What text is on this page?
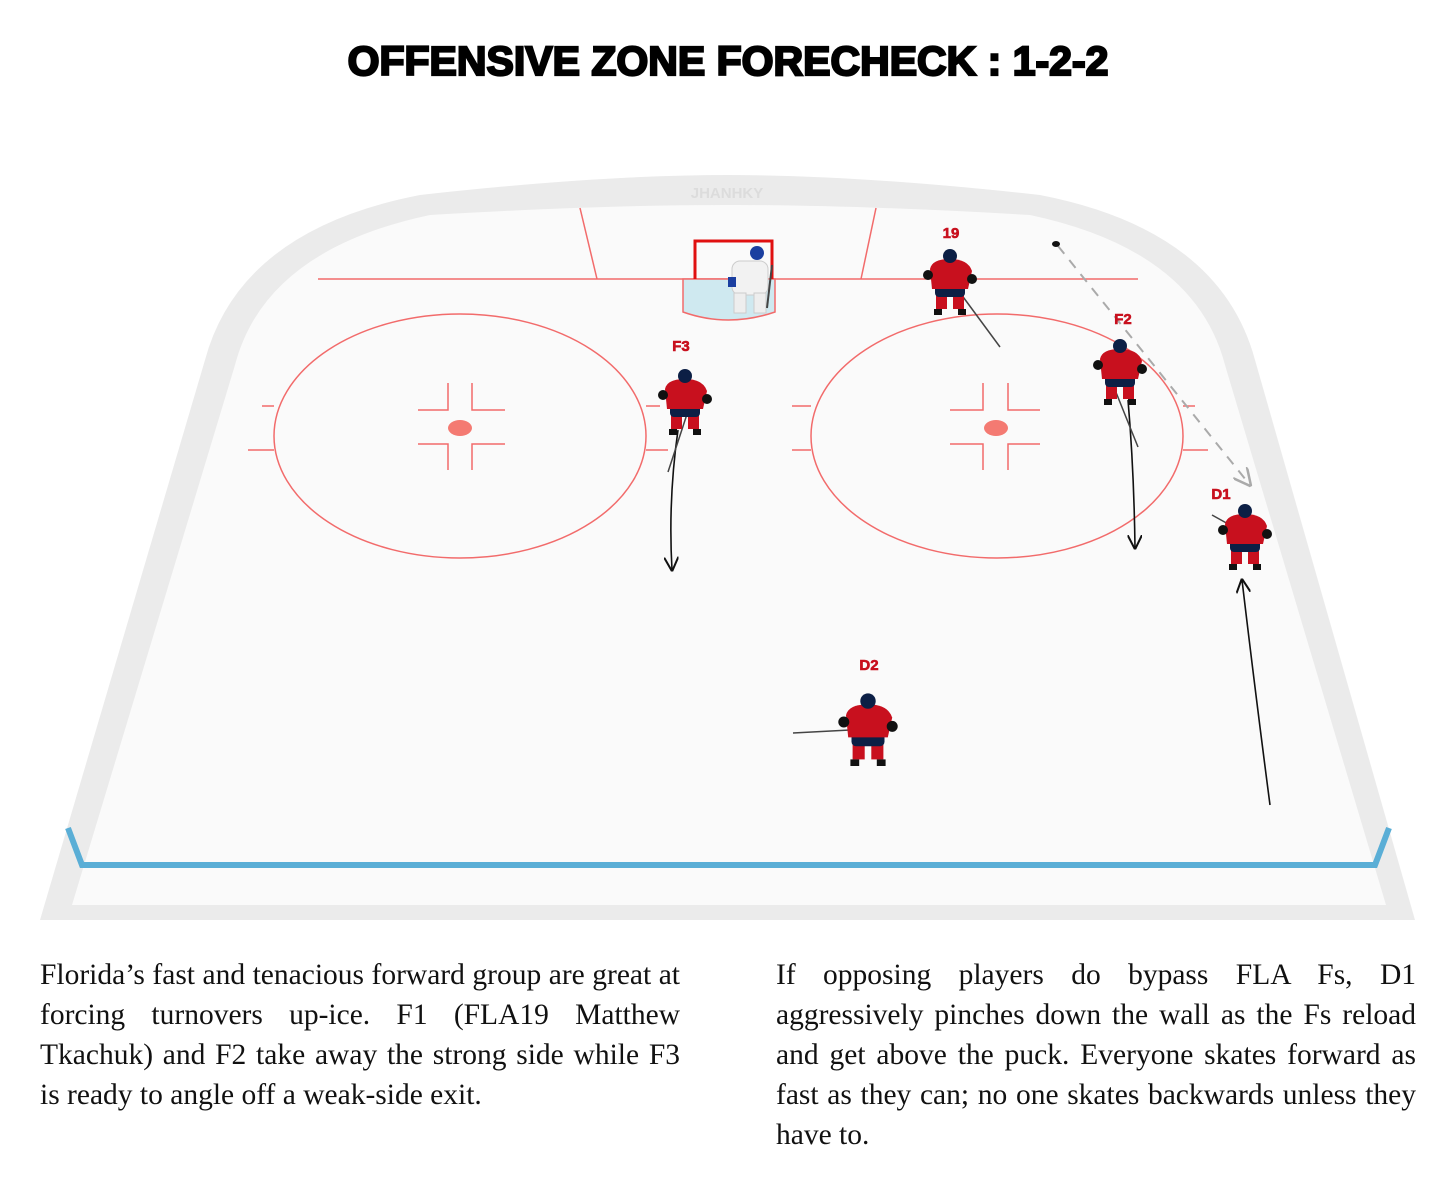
OFFENSIVE ZONE FORECHECK : 1-2-2
JHANHKY
19
F2
F3
D1
D2

Florida’s fast and tenacious forward group are great at forcing turnovers up-ice. F1 (FLA19 Matthew Tkachuk) and F2 take away the strong side while F3 is ready to angle off a weak-side exit.

If opposing players do bypass FLA Fs, D1 aggressively pinches down the wall as the Fs reload and get above the puck. Everyone skates forward as fast as they can; no one skates backwards unless they have to.
